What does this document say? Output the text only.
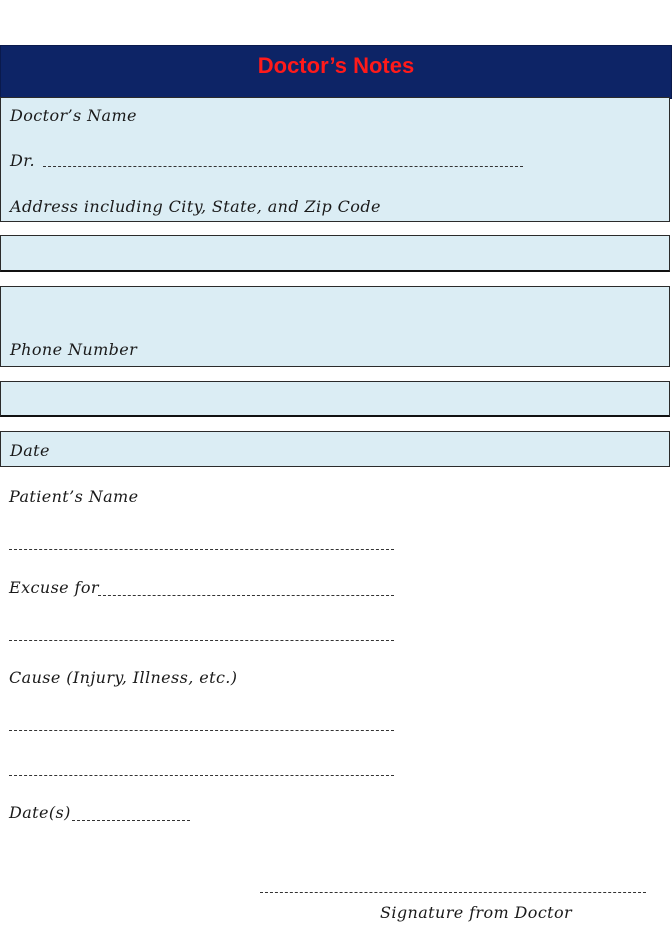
Doctor’s Notes
Doctor’s Name
Dr.
Address including City, State, and Zip Code
Phone Number
Date
Patient’s Name
Excuse for
Cause (Injury, Illness, etc.)
Date(s)
Signature from Doctor
